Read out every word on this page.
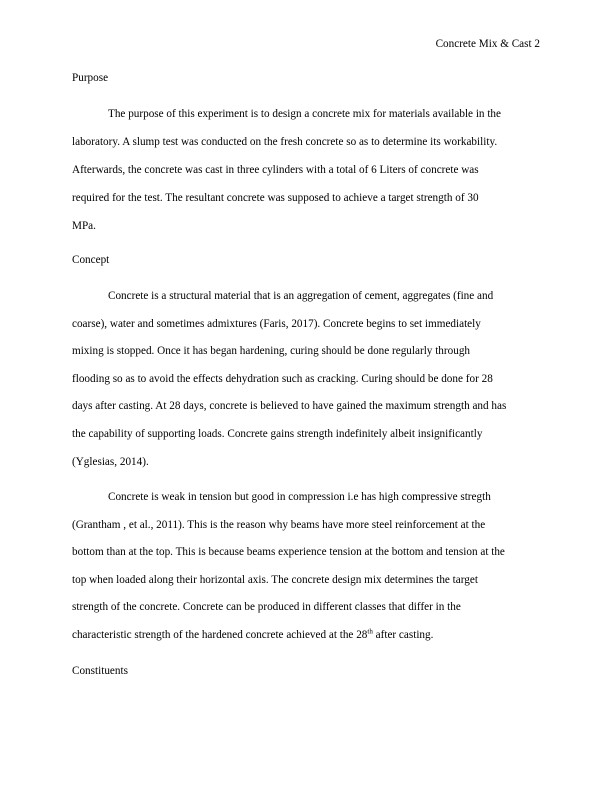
Concrete Mix & Cast 2
Purpose
The purpose of this experiment is to design a concrete mix for materials available in the
laboratory. A slump test was conducted on the fresh concrete so as to determine its workability.
Afterwards, the concrete was cast in three cylinders with a total of 6 Liters of concrete was
required for the test. The resultant concrete was supposed to achieve a target strength of 30
MPa.
Concept
Concrete is a structural material that is an aggregation of cement, aggregates (fine and
coarse), water and sometimes admixtures (Faris, 2017). Concrete begins to set immediately
mixing is stopped. Once it has began hardening, curing should be done regularly through
flooding so as to avoid the effects dehydration such as cracking. Curing should be done for 28
days after casting. At 28 days, concrete is believed to have gained the maximum strength and has
the capability of supporting loads. Concrete gains strength indefinitely albeit insignificantly
(Yglesias, 2014).
Concrete is weak in tension but good in compression i.e has high compressive stregth
(Grantham , et al., 2011). This is the reason why beams have more steel reinforcement at the
bottom than at the top. This is because beams experience tension at the bottom and tension at the
top when loaded along their horizontal axis. The concrete design mix determines the target
strength of the concrete. Concrete can be produced in different classes that differ in the
characteristic strength of the hardened concrete achieved at the 28th after casting.
Constituents
